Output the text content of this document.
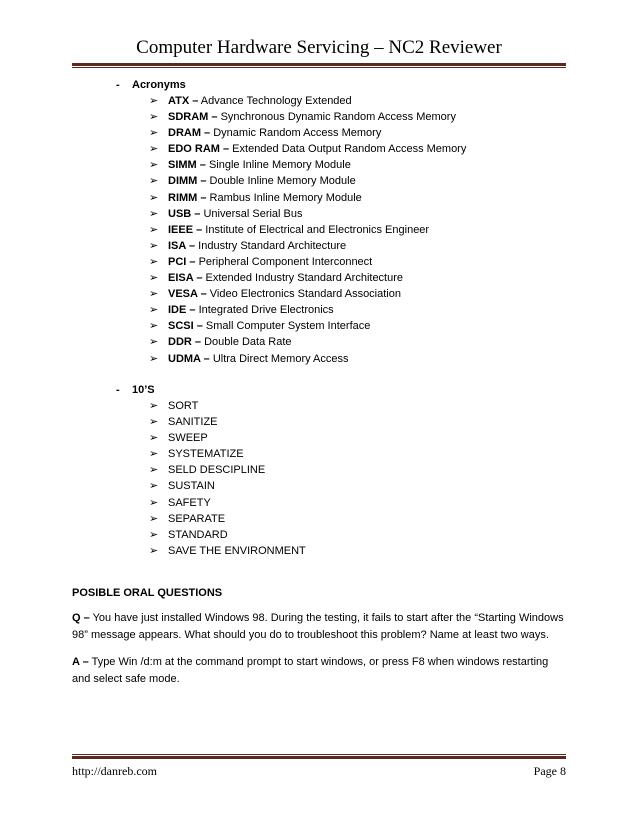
Computer Hardware Servicing – NC2 Reviewer
- Acronyms
➢ ATX – Advance Technology Extended
➢ SDRAM – Synchronous Dynamic Random Access Memory
➢ DRAM – Dynamic Random Access Memory
➢ EDO RAM – Extended Data Output Random Access Memory
➢ SIMM – Single Inline Memory Module
➢ DIMM – Double Inline Memory Module
➢ RIMM – Rambus Inline Memory Module
➢ USB – Universal Serial Bus
➢ IEEE – Institute of Electrical and Electronics Engineer
➢ ISA – Industry Standard Architecture
➢ PCI – Peripheral Component Interconnect
➢ EISA – Extended Industry Standard Architecture
➢ VESA – Video Electronics Standard Association
➢ IDE – Integrated Drive Electronics
➢ SCSI – Small Computer System Interface
➢ DDR – Double Data Rate
➢ UDMA – Ultra Direct Memory Access
- 10’S
➢ SORT
➢ SANITIZE
➢ SWEEP
➢ SYSTEMATIZE
➢ SELD DESCIPLINE
➢ SUSTAIN
➢ SAFETY
➢ SEPARATE
➢ STANDARD
➢ SAVE THE ENVIRONMENT
POSIBLE ORAL QUESTIONS
Q – You have just installed Windows 98. During the testing, it fails to start after the “Starting Windows 98” message appears. What should you do to troubleshoot this problem? Name at least two ways.
A – Type Win /d:m at the command prompt to start windows, or press F8 when windows restarting and select safe mode.
http://danreb.com	Page 8
